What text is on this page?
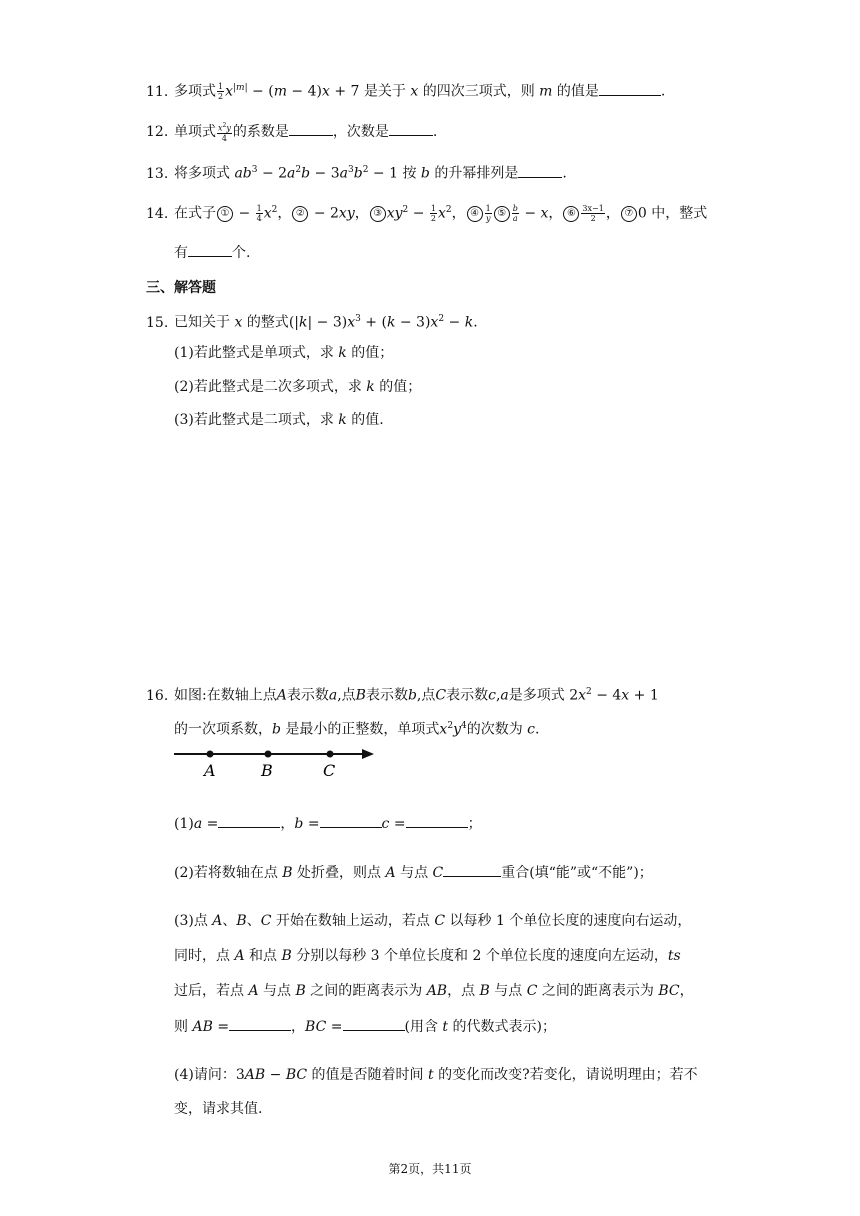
11. 多项式 $\frac{1}{2} x^{|m|} - (m - 4)x + 7$ 是关于 x 的四次三项式，则 m 的值是	.
12. 单项式 $\frac{x^2y}{4}$ 的系数是	，次数是	.
13. 将多项式 $ab^3 - 2a^2b - 3a^3b^2 - 1$ 按 b 的升幂排列是	.
14. 在式子 ① − $\frac{1}{4} x^2$， ② − 2xy， ③ $xy^2 - \frac{1}{2} x^2$， ④ $\frac{1}{y}$ ⑤ $\frac{b}{a} - x$， ⑥ $\frac{3x-1}{2}$ ， ⑦ 0 中，整式
有	个.
三、解答题
15. 已知关于 x 的整式$(|k| - 3)x^3 + (k - 3)x^2 - k$.
(1)若此整式是单项式，求 k 的值；
(2)若此整式是二次多项式，求 k 的值；
(3)若此整式是二项式，求 k 的值.
16. 如图:在数轴上点A表示数a,点B表示数b,点C表示数c,a是多项式 $2x^2 - 4x + 1$
的一次项系数，b 是最小的正整数，单项式$x^2y^4$的次数为 c.
A	B	C
(1)a =	，b =	c =	；
(2)若将数轴在点 B 处折叠，则点 A 与点 C	重合(填“能”或“不能”)；
(3)点 A、B、C 开始在数轴上运动，若点 C 以每秒 1 个单位长度的速度向右运动，
同时，点 A 和点 B 分别以每秒 3 个单位长度和 2 个单位长度的速度向左运动，ts
过后，若点 A 与点 B 之间的距离表示为 AB，点 B 与点 C 之间的距离表示为 BC，
则 AB =	，BC =	(用含 t 的代数式表示)；
(4)请问：3AB − BC 的值是否随着时间 t 的变化而改变?若变化，请说明理由；若不
变，请求其值.
第2页，共11页
